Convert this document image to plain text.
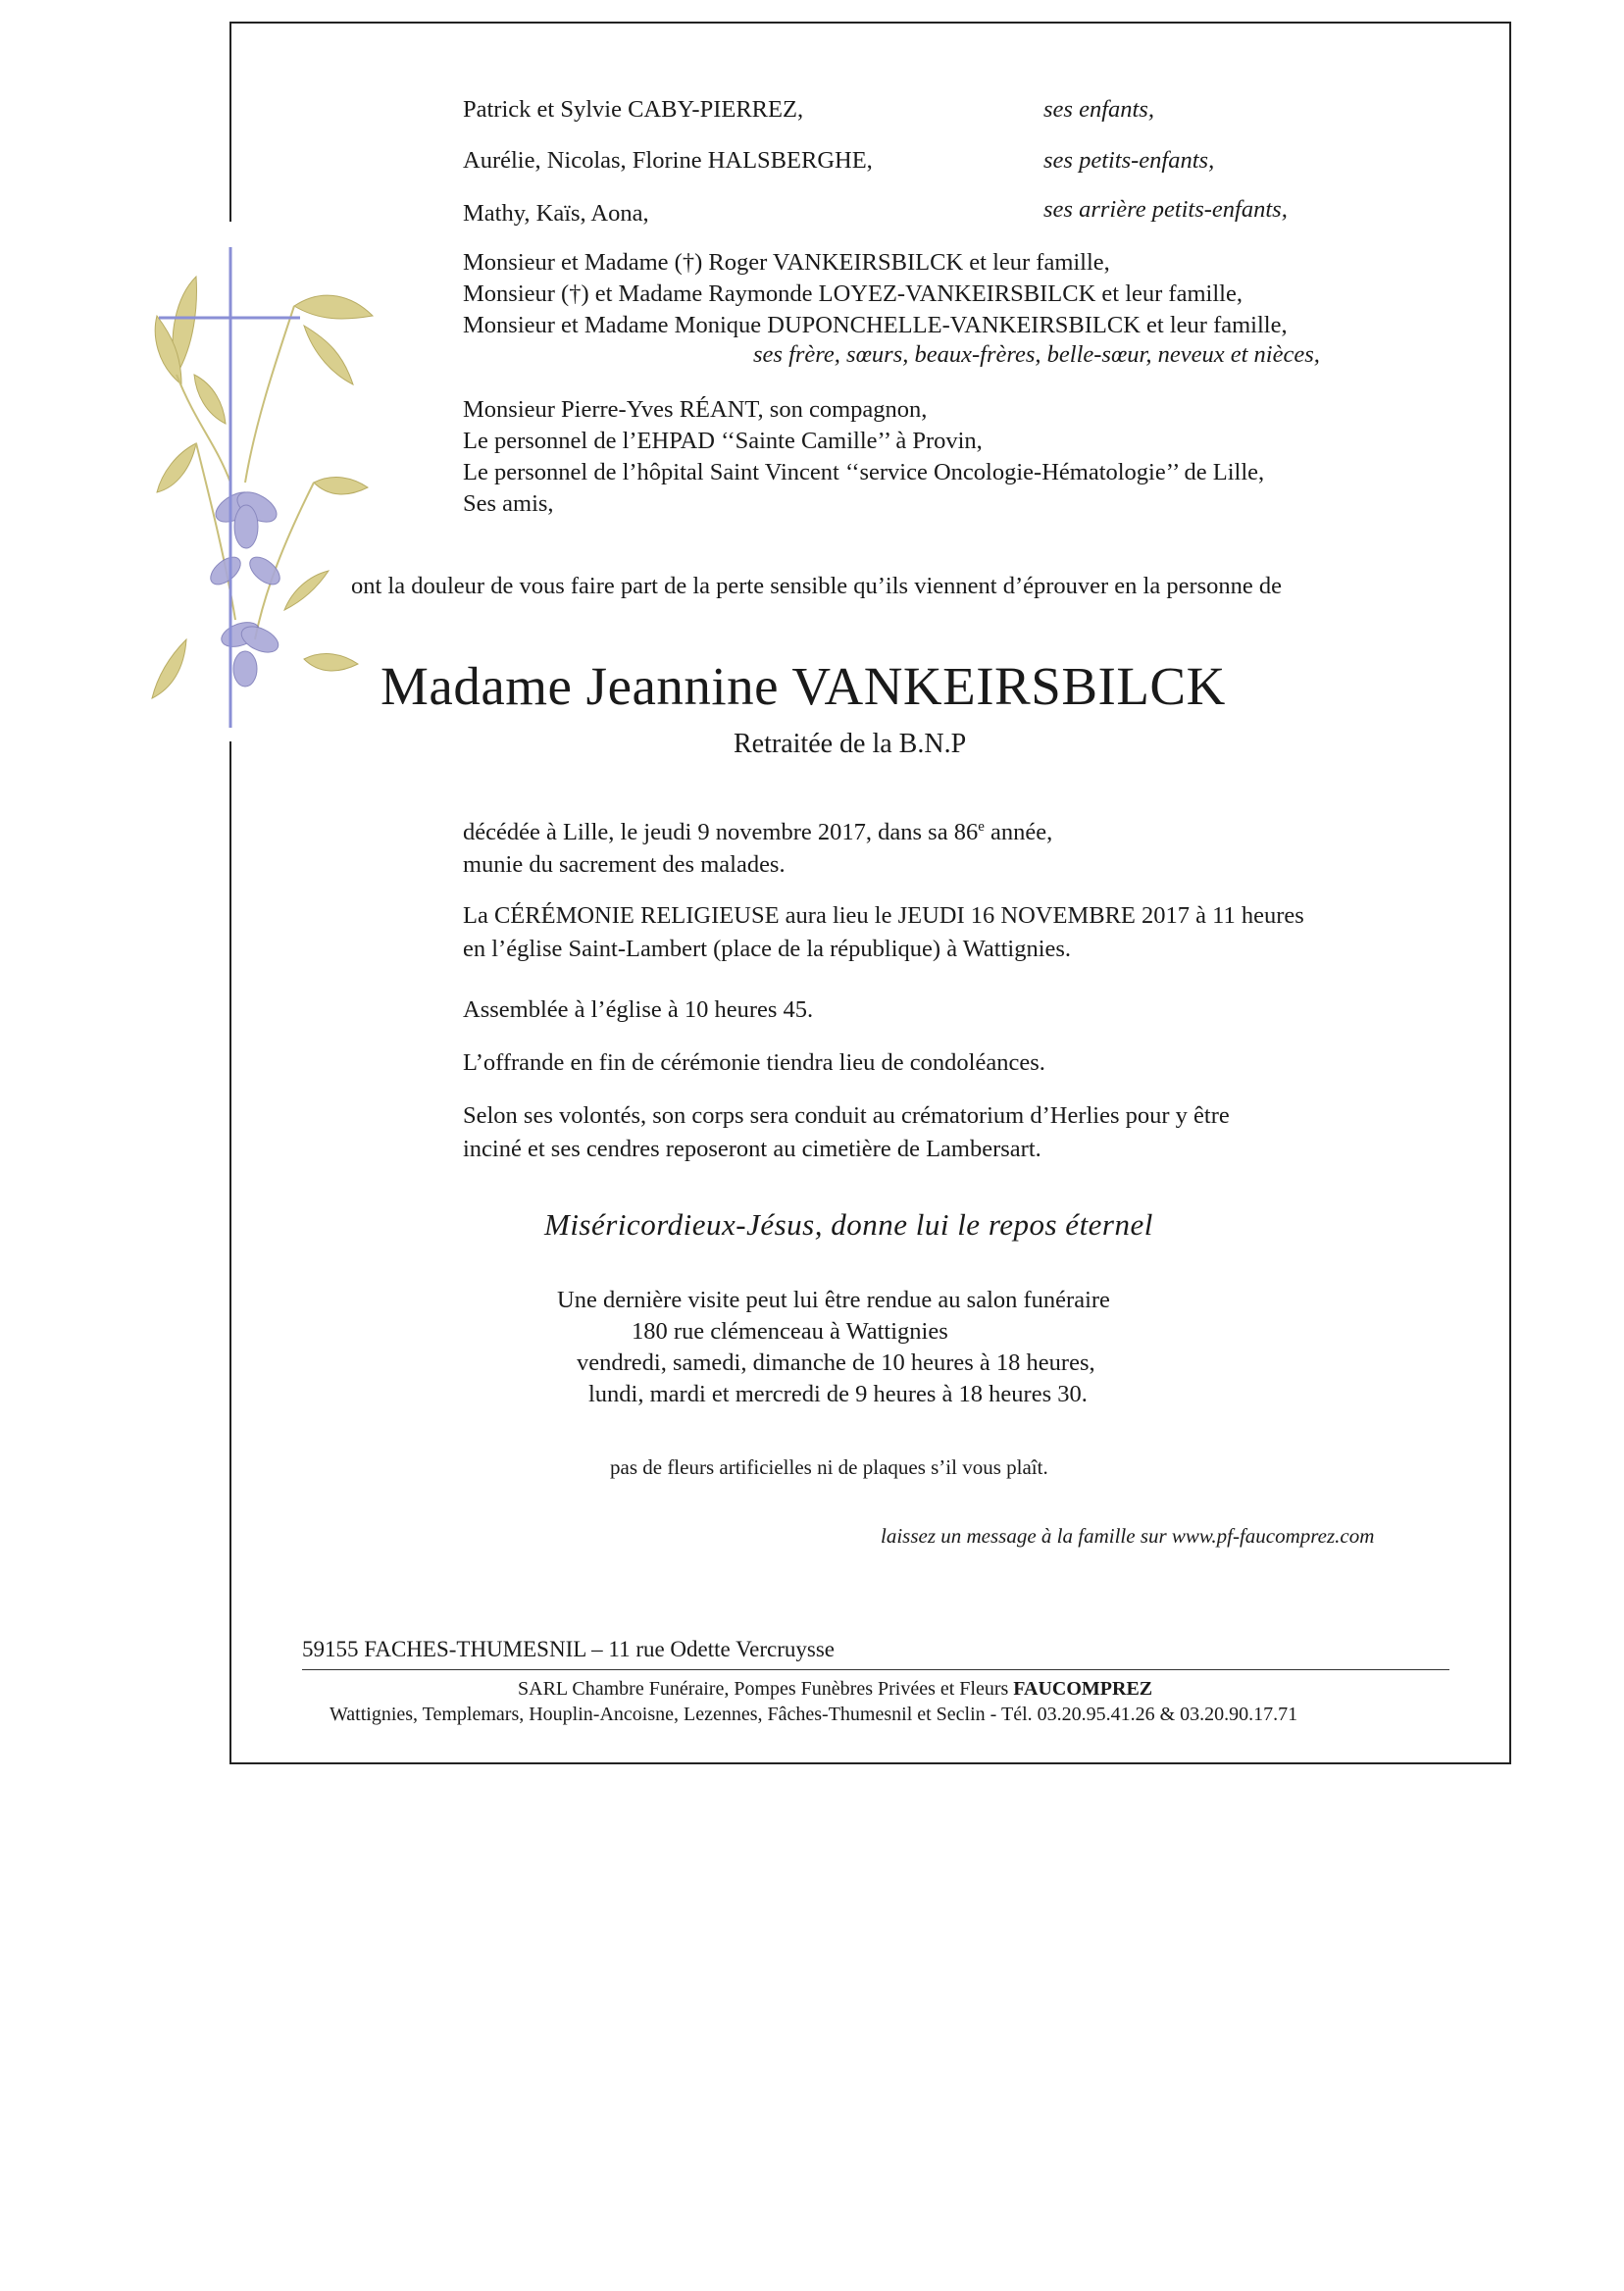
Patrick et Sylvie CABY-PIERREZ,	ses enfants,
Aurélie, Nicolas, Florine HALSBERGHE,	ses petits-enfants,
Mathy, Kaïs, Aona,	ses arrière petits-enfants,
Monsieur et Madame (†) Roger VANKEIRSBILCK et leur famille,
Monsieur (†) et Madame Raymonde LOYEZ-VANKEIRSBILCK et leur famille,
Monsieur et Madame Monique DUPONCHELLE-VANKEIRSBILCK et leur famille,
ses frère, sœurs, beaux-frères, belle-sœur, neveux et nièces,
Monsieur Pierre-Yves RÉANT, son compagnon,
Le personnel de l’EHPAD ‘‘Sainte Camille’’ à Provin,
Le personnel de l’hôpital Saint Vincent ‘‘service Oncologie-Hématologie’’ de Lille,
Ses amis,
ont la douleur de vous faire part de la perte sensible qu’ils viennent d’éprouver en la personne de
Madame Jeannine VANKEIRSBILCK
Retraitée de la B.N.P
décédée à Lille, le jeudi 9 novembre 2017, dans sa 86e année,
munie du sacrement des malades.
La CÉRÉMONIE RELIGIEUSE aura lieu le JEUDI 16 NOVEMBRE 2017 à 11 heures
en l’église Saint-Lambert (place de la république) à Wattignies.
Assemblée à l’église à 10 heures 45.
L’offrande en fin de cérémonie tiendra lieu de condoléances.
Selon ses volontés, son corps sera conduit au crématorium d’Herlies pour y être
inciné et ses cendres reposeront au cimetière de Lambersart.
Miséricordieux-Jésus, donne lui le repos éternel
Une dernière visite peut lui être rendue au salon funéraire
180 rue clémenceau à Wattignies
vendredi, samedi, dimanche de 10 heures à 18 heures,
lundi, mardi et mercredi de 9 heures à 18 heures 30.
pas de fleurs artificielles ni de plaques s’il vous plaît.
laissez un message à la famille sur www.pf-faucomprez.com
59155 FACHES-THUMESNIL – 11 rue Odette Vercruysse
SARL Chambre Funéraire, Pompes Funèbres Privées et Fleurs FAUCOMPREZ
Wattignies, Templemars, Houplin-Ancoisne, Lezennes, Fâches-Thumesnil et Seclin - Tél. 03.20.95.41.26 & 03.20.90.17.71
